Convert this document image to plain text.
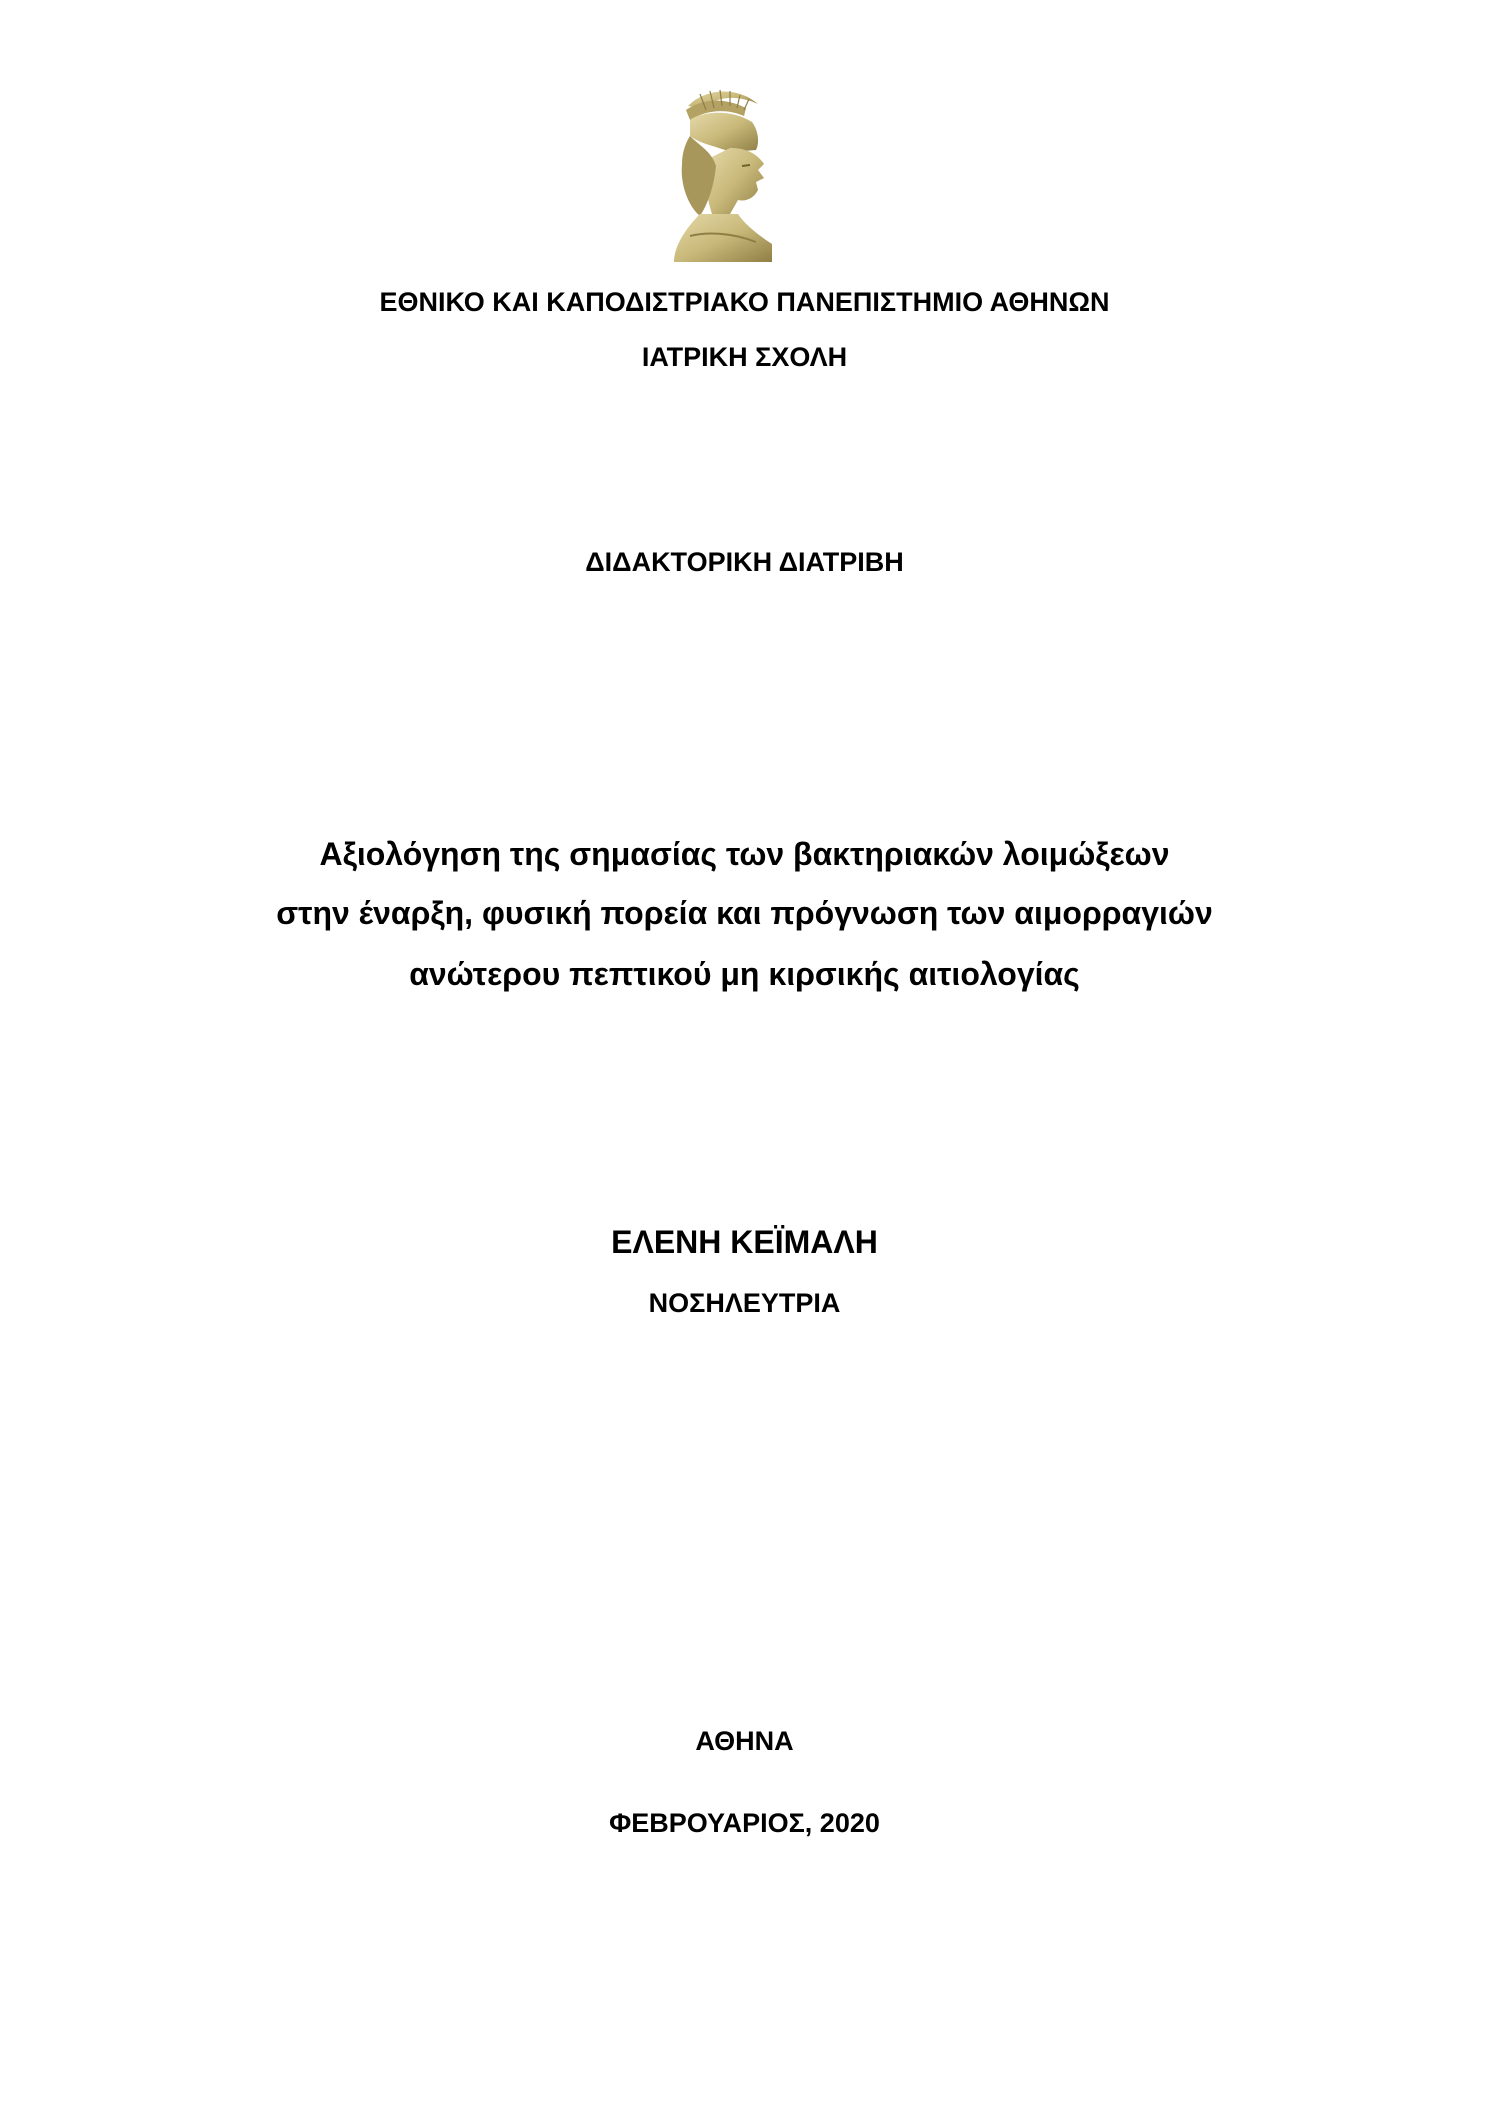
ΕΘΝΙΚΟ ΚΑΙ ΚΑΠΟΔΙΣΤΡΙΑΚΟ ΠΑΝΕΠΙΣΤΗΜΙΟ ΑΘΗΝΩΝ
ΙΑΤΡΙΚΗ ΣΧΟΛΗ
ΔΙΔΑΚΤΟΡΙΚΗ ΔΙΑΤΡΙΒΗ
Αξιολόγηση της σημασίας των βακτηριακών λοιμώξεων
στην έναρξη, φυσική πορεία και πρόγνωση των αιμορραγιών
ανώτερου πεπτικού μη κιρσικής αιτιολογίας
ΕΛΕΝΗ ΚΕΪΜΑΛΗ
ΝΟΣΗΛΕΥΤΡΙΑ
ΑΘΗΝΑ
ΦΕΒΡΟΥΑΡΙΟΣ, 2020
